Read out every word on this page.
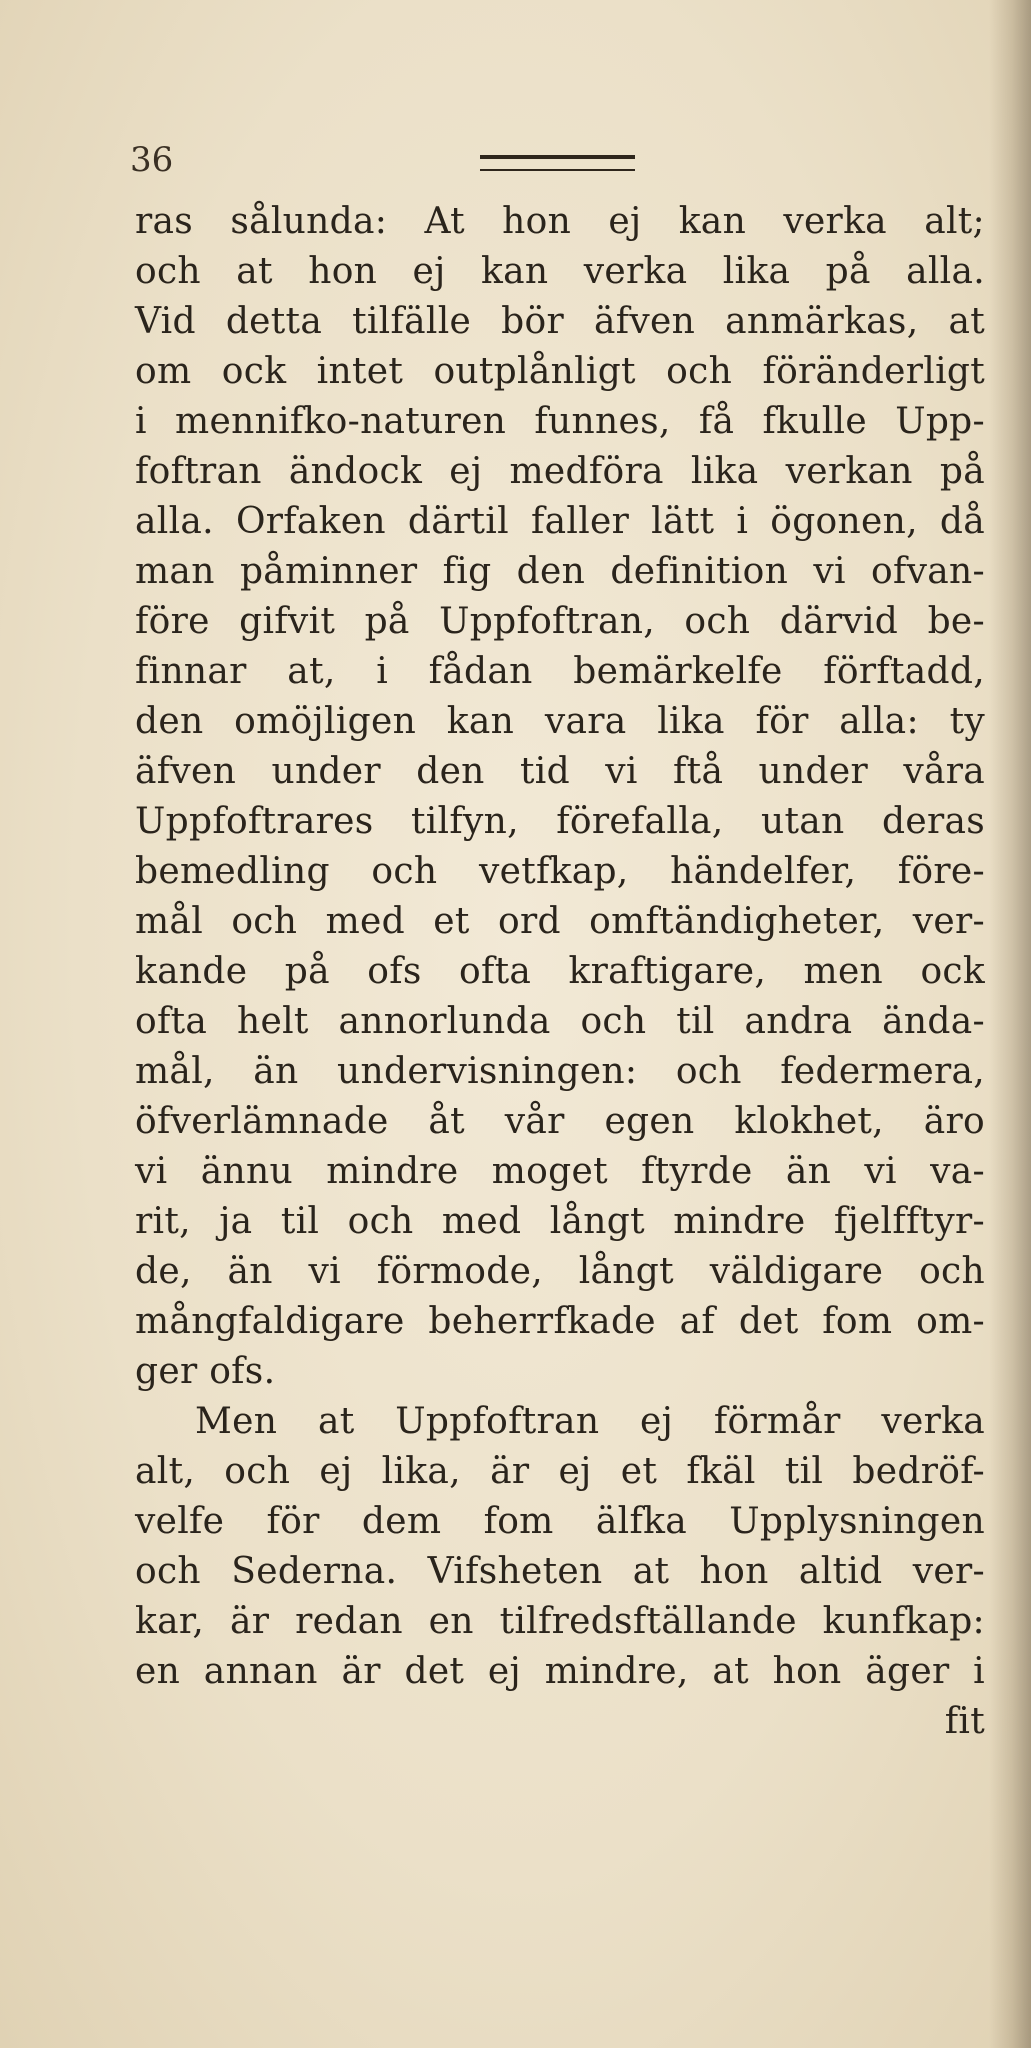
36
ras sålunda: At hon ej kan verka alt;
och at hon ej kan verka lika på alla.
Vid detta tilfälle bör äfven anmärkas, at
om ock intet outplånligt och föränderligt
i mennifko-naturen funnes, få fkulle Upp-
foftran ändock ej medföra lika verkan på
alla. Orfaken därtil faller lätt i ögonen, då
man påminner fig den definition vi ofvan-
före gifvit på Uppfoftran, och därvid be-
finnar at, i fådan bemärkelfe förftadd,
den omöjligen kan vara lika för alla: ty
äfven under den tid vi ftå under våra
Uppfoftrares tilfyn, förefalla, utan deras
bemedling och vetfkap, händelfer, före-
mål och med et ord omftändigheter, ver-
kande på ofs ofta kraftigare, men ock
ofta helt annorlunda och til andra ända-
mål, än undervisningen: och federmera,
öfverlämnade åt vår egen klokhet, äro
vi ännu mindre moget ftyrde än vi va-
rit, ja til och med långt mindre fjelfftyr-
de, än vi förmode, långt väldigare och
mångfaldigare beherrfkade af det fom om-
ger ofs.
Men at Uppfoftran ej förmår verka
alt, och ej lika, är ej et fkäl til bedröf-
velfe för dem fom älfka Upplysningen
och Sederna. Vifsheten at hon altid ver-
kar, är redan en tilfredsftällande kunfkap:
en annan är det ej mindre, at hon äger i
fit
